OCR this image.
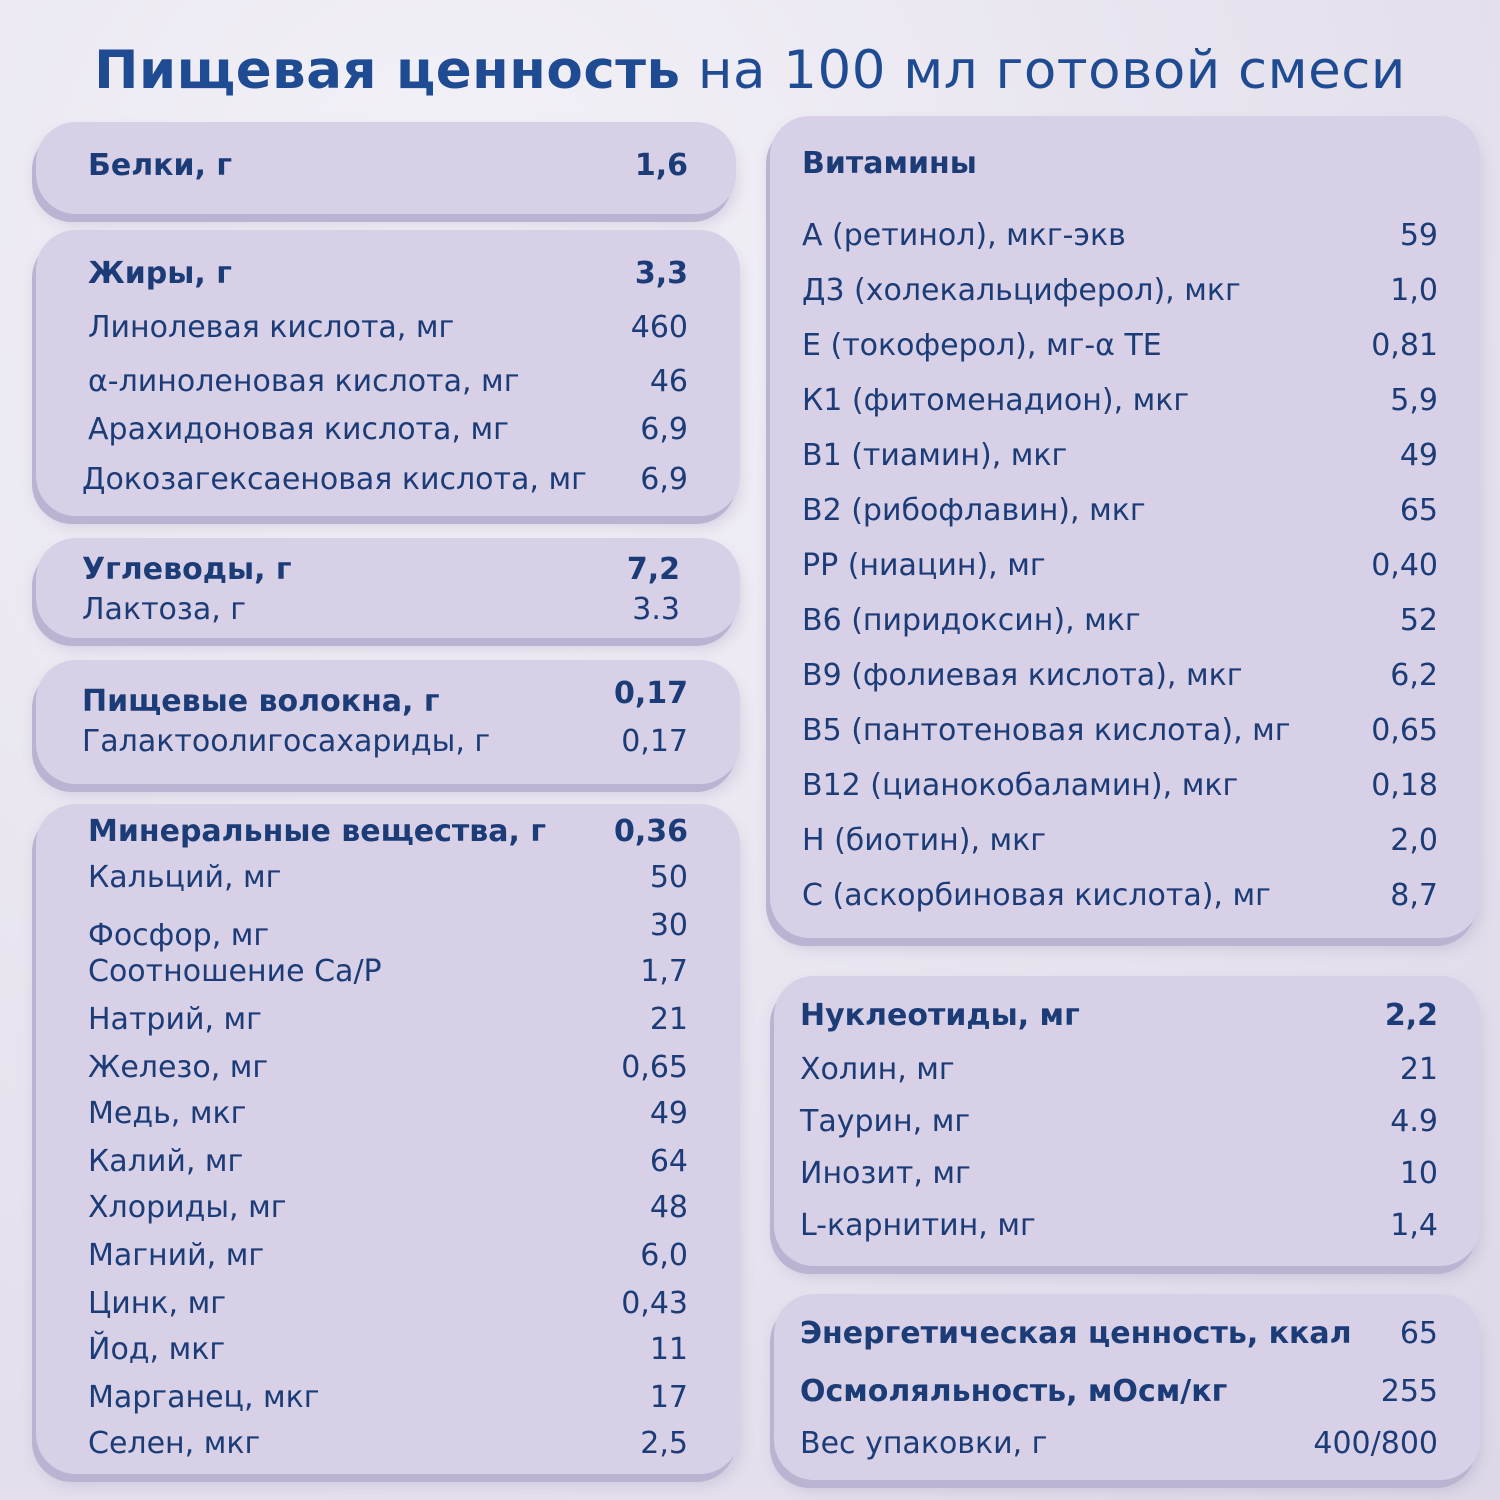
Пищевая ценность на 100 мл готовой смеси
Белки, г	1,6
Жиры, г	3,3
Линолевая кислота, мг	460
α-линоленовая кислота, мг	46
Арахидоновая кислота, мг	6,9
Докозагексаеновая кислота, мг 6,9
Углеводы, г	7,2
Лактоза, г	3.3
Пищевые волокна, г	0,17
Галактоолигосахариды, г	0,17
Минеральные вещества, г 0,36
Кальций, мг	50
Фосфор, мг	30
Соотношение Ca/P	1,7
Натрий, мг	21
Железо, мг	0,65
Медь, мкг	49
Калий, мг	64
Хлориды, мг	48
Магний, мг	6,0
Цинк, мг	0,43
Йод, мкг	11
Марганец, мкг	17
Селен, мкг	2,5
Витамины
A (ретинол), мкг-экв	59
Д3 (холекальциферол), мкг	1,0
Е (токоферол), мг-α ТЕ	0,81
К1 (фитоменадион), мкг	5,9
B1 (тиамин), мкг	49
B2 (рибофлавин), мкг	65
РР (ниацин), мг	0,40
B6 (пиридоксин), мкг	52
B9 (фолиевая кислота), мкг	6,2
B5 (пантотеновая кислота), мг	0,65
B12 (цианокобаламин), мкг	0,18
Н (биотин), мкг	2,0
С (аскорбиновая кислота), мг	8,7
Нуклеотиды, мг	2,2
Холин, мг	21
Таурин, мг	4.9
Инозит, мг	10
L-карнитин, мг	1,4
Энергетическая ценность, ккал 65
Осмоляльность, мОсм/кг	255
Вес упаковки, г	400/800
